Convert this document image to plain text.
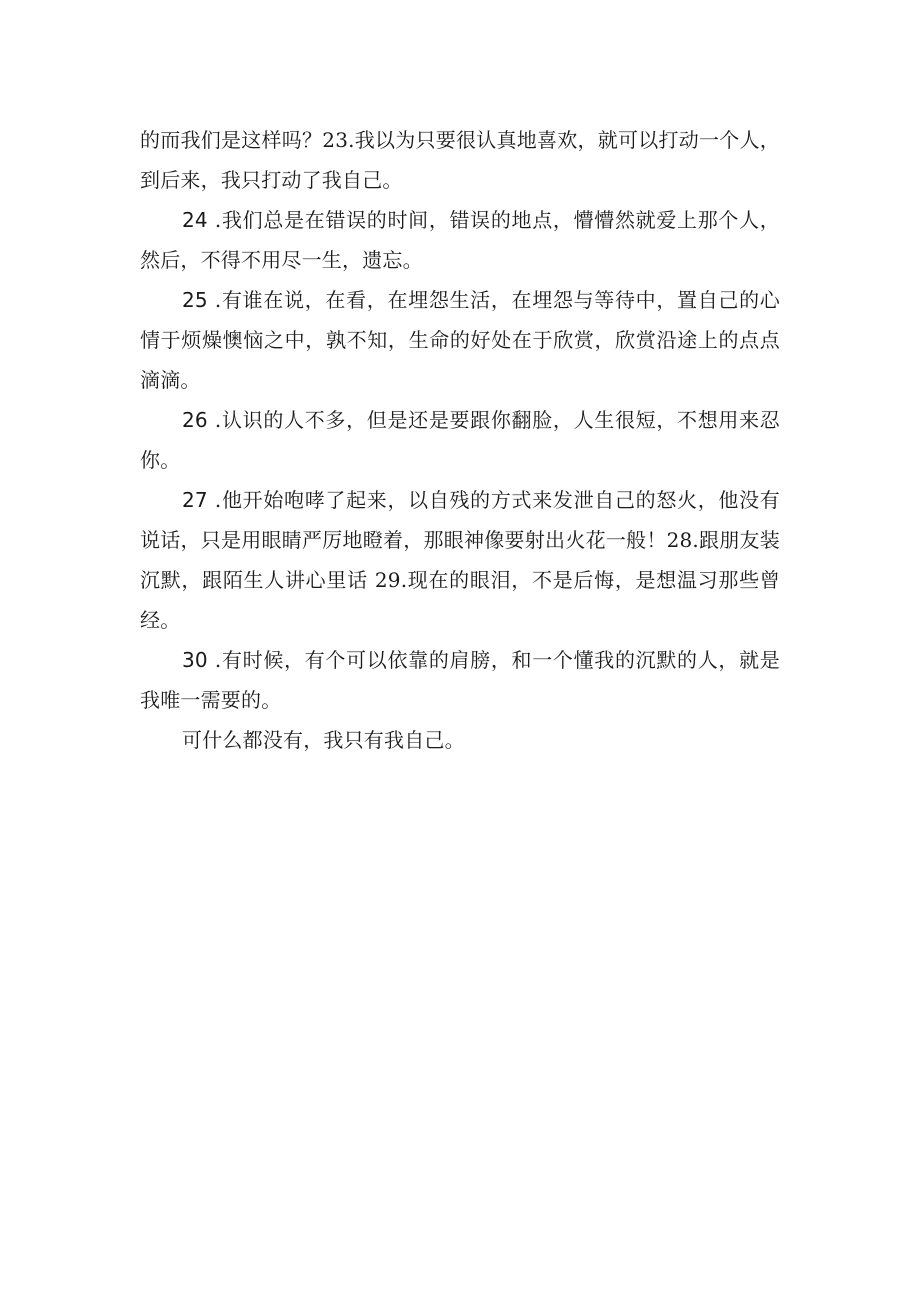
的而我们是这样吗？23.我以为只要很认真地喜欢，就可以打动一个人，到后来，我只打动了我自己。

24 .我们总是在错误的时间，错误的地点，懵懵然就爱上那个人，然后，不得不用尽一生，遗忘。

25 .有谁在说，在看，在埋怨生活，在埋怨与等待中，置自己的心情于烦燥懊恼之中，孰不知，生命的好处在于欣赏，欣赏沿途上的点点滴滴。

26 .认识的人不多，但是还是要跟你翻脸，人生很短，不想用来忍你。

27 .他开始咆哮了起来，以自残的方式来发泄自己的怒火，他没有说话，只是用眼睛严厉地瞪着，那眼神像要射出火花一般！28.跟朋友装沉默，跟陌生人讲心里话 29.现在的眼泪，不是后悔，是想温习那些曾经。

30 .有时候，有个可以依靠的肩膀，和一个懂我的沉默的人，就是我唯一需要的。

可什么都没有，我只有我自己。
